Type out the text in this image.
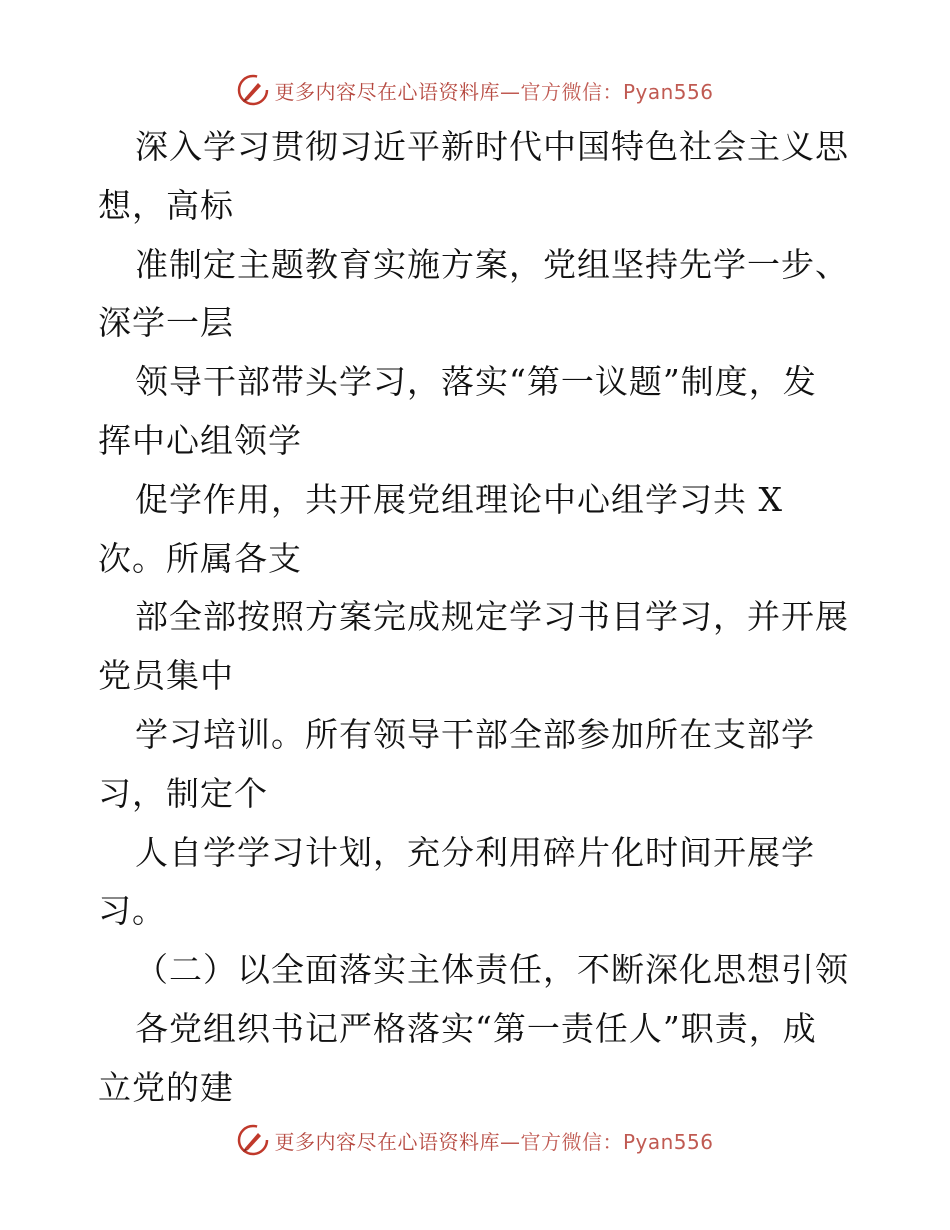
更多内容尽在心语资料库—官方微信：Pyan556
深入学习贯彻习近平新时代中国特色社会主义思
想，高标
准制定主题教育实施方案，党组坚持先学一步、
深学一层
领导干部带头学习，落实“第一议题”制度，发
挥中心组领学
促学作用，共开展党组理论中心组学习共 X
次。所属各支
部全部按照方案完成规定学习书目学习，并开展
党员集中
学习培训。所有领导干部全部参加所在支部学
习，制定个
人自学学习计划，充分利用碎片化时间开展学
习。
（二）以全面落实主体责任，不断深化思想引领
各党组织书记严格落实“第一责任人”职责，成
立党的建
更多内容尽在心语资料库—官方微信：Pyan556
